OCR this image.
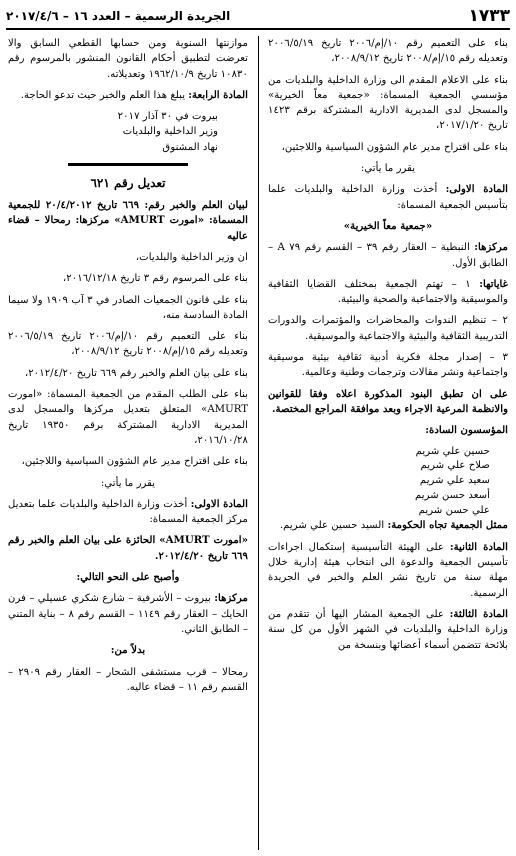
١٧٣٣
الجريدة الرسمية – العدد ١٦ – ٢٠١٧/٤/٦

بناء على التعميم رقم ١٠/إم/٢٠٠٦ تاريخ ٢٠٠٦/٥/١٩ وتعديله رقم ١٥/إم/٢٠٠٨ تاريخ ٢٠٠٨/٩/١٢،

بناء على الاعلام المقدم الى وزارة الداخلية والبلديات من مؤسسي الجمعية المسماة: «جمعية معاً الخيرية» والمسجل لدى المديرية الادارية المشتركة برقم ١٤٢٣ تاريخ ٢٠١٧/١/٢٠،

بناء على اقتراح مدير عام الشؤون السياسية واللاجئين،

يقرر ما يأتي:

المادة الاولى: أخذت وزارة الداخلية والبلديات علما بتأسيس الجمعية المسماة:

«جمعية معاً الخيرية»

مركزها: النبطية – العقار رقم ٣٩ – القسم رقم ٧٩ A – الطابق الأول.

غاياتها: ١ – تهتم الجمعية بمختلف القضايا الثقافية والموسيقية والاجتماعية والصحية والبيئية.

٢ – تنظيم الندوات والمحاضرات والمؤتمرات والدورات التدريبية الثقافية والبيئية والاجتماعية والموسيقية.

٣ – إصدار مجلة فكرية أدبية ثقافية بيئية موسيقية واجتماعية ونشر مقالات وترجمات وطنية وعالمية.

على ان تطبق البنود المذكورة اعلاه وفقا للقوانين والانظمة المرعية الاجراء وبعد موافقة المراجع المختصة.

المؤسسون السادة:

حسين علي شريم
صلاح علي شريم
سعيد علي شريم
أسعد حسن شريم
علي حسن شريم

ممثل الجمعية تجاه الحكومة: السيد حسين علي شريم.

المادة الثانية: على الهيئة التأسيسية إستكمال اجراءات تأسيس الجمعية والدعوة الى انتخاب هيئة إدارية خلال مهلة سنة من تاريخ نشر العلم والخبر في الجريدة الرسمية.

المادة الثالثة: على الجمعية المشار اليها أن تتقدم من وزارة الداخلية والبلديات في الشهر الأول من كل سنة بلائحة تتضمن أسماء أعضائها وبنسخة من

موازنتها السنوية ومن حسابها القطعي السابق والا تعرضت لتطبيق أحكام القانون المنشور بالمرسوم رقم ١٠٨٣٠ تاريخ ١٩٦٢/١٠/٩ وتعديلاته.

المادة الرابعة: يبلغ هذا العلم والخبر حيث تدعو الحاجة.

بيروت في ٣٠ آذار ٢٠١٧
وزير الداخلية والبلديات
نهاد المشنوق
تعديل رقم ٦٢١

لبيان العلم والخبر رقم: ٦٦٩ تاريخ ٢٠/٤/٢٠١٢ للجمعية المسماة: «امورت AMURT» مركزها: رمحالا – قضاء عاليه

ان وزير الداخلية والبلديات،

بناء على المرسوم رقم ٣ تاريخ ٢٠١٦/١٢/١٨،

بناء على قانون الجمعيات الصادر في ٣ آب ١٩٠٩ ولا سيما المادة السادسة منه،

بناء على التعميم رقم ١٠/إم/٢٠٠٦ تاريخ ٢٠٠٦/٥/١٩ وتعديله رقم ١٥/إم/٢٠٠٨ تاريخ ٢٠٠٨/٩/١٢،

بناء على بيان العلم والخبر رقم ٦٦٩ تاريخ ٢٠١٢/٤/٢٠،

بناء على الطلب المقدم من الجمعية المسماة: «امورت AMURT» المتعلق بتعديل مركزها والمسجل لدى المديرية الادارية المشتركة برقم ١٩٣٥٠ تاريخ ٢٠١٦/١٠/٢٨،

بناء على اقتراح مدير عام الشؤون السياسية واللاجئين،

يقرر ما يأتي:

المادة الاولى: أخذت وزارة الداخلية والبلديات علما بتعديل مركز الجمعية المسماة:

«امورت AMURT» الحائزة على بيان العلم والخبر رقم ٦٦٩ تاريخ ٢٠١٢/٤/٢٠.

وأصبح على النحو التالي:

مركزها: بيروت – الأشرفية – شارع شكري عسيلي – فرن الحايك – العقار رقم ١١٤٩ – القسم رقم ٨ – بناية المتني – الطابق الثاني.

بدلاً من:

رمحالا – قرب مستشفى الشحار – العقار رقم ٢٩٠٩ – القسم رقم ١١ – قضاء عاليه.
